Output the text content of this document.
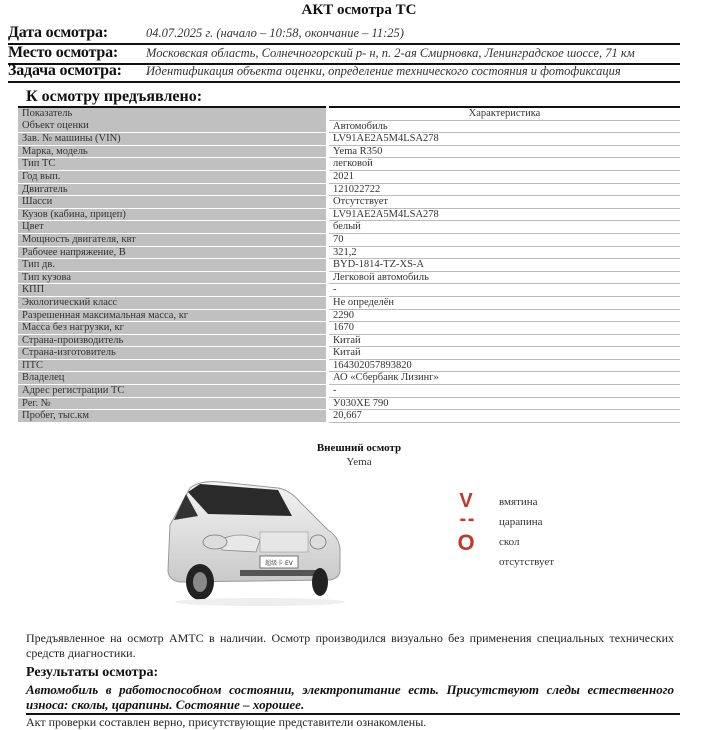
АКТ осмотра ТС
Дата осмотра:	04.07.2025 г. (начало – 10:58, окончание – 11:25)
Место осмотра: Московская область, Солнечногорский р- н, п. 2-ая Смирновка, Ленинградское шоссе, 71 км
Задача осмотра: Идентификация объекта оценки, определение технического состояния и фотофиксация
К осмотру предъявлено:
Показатель	Характеристика
Объект оценки	Автомобиль
Зав. № машины (VIN)	LV91AE2A5M4LSA278
Марка, модель	Yema R350
Тип ТС	легковой
Год вып.	2021
Двигатель	121022722
Шасси	Отсутствует
Кузов (кабина, прицеп)	LV91AE2A5M4LSA278
Цвет	белый
Мощность двигателя, квт	70
Рабочее напряжение, В	321,2
Тип дв.	BYD-1814-TZ-XS-A
Тип кузова	Легковой автомобиль
КПП	-
Экологический класс	Не определён
Разрешенная максимальная масса, кг	2290
Масса без нагрузки, кг	1670
Страна-производитель	Китай
Страна-изготовитель	Китай
ПТС	164302057893820
Владелец	АО «Сбербанк Лизинг»
Адрес регистрации ТС	-
Рег. №	У030ХЕ 790
Пробег, тыс.км	20,667
Внешний осмотр
Yema
超级卡 EV
V	вмятина
- -	царапина
O скол
отсутствует
Предъявленное на осмотр АМТС в наличии. Осмотр производился визуально без применения специальных технических средств диагностики.
Результаты осмотра:
Автомобиль в работоспособном состоянии, электропитание есть. Присутствуют следы естественного износа: сколы, царапины. Состояние – хорошее.
Акт проверки составлен верно, присутствующие представители ознакомлены.
